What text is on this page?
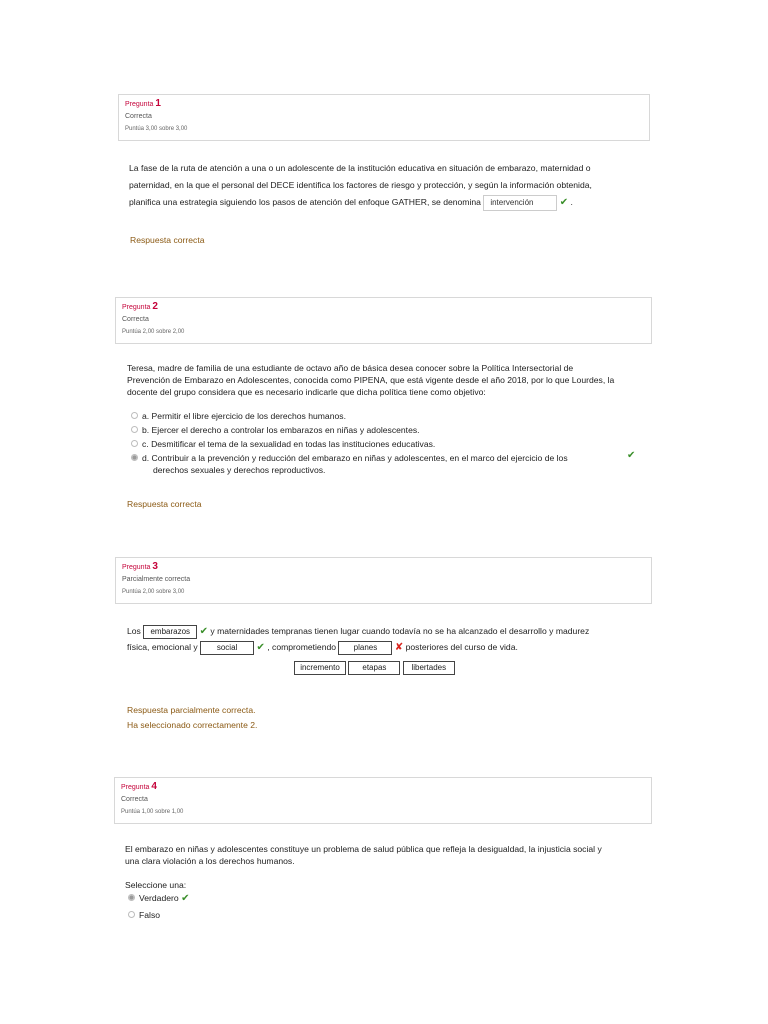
Pregunta 1
Correcta
Puntúa 3,00 sobre 3,00
La fase de la ruta de atención a una o un adolescente de la institución educativa en situación de embarazo, maternidad o
paternidad, en la que el personal del DECE identifica los factores de riesgo y protección, y según la información obtenida,
planifica una estrategia siguiendo los pasos de atención del enfoque GATHER, se denomina intervención	✔ .
Respuesta correcta
Pregunta 2
Correcta
Puntúa 2,00 sobre 2,00
Teresa, madre de familia de una estudiante de octavo año de básica desea conocer sobre la Política Intersectorial de
Prevención de Embarazo en Adolescentes, conocida como PIPENA, que está vigente desde el año 2018, por lo que Lourdes, la
docente del grupo considera que es necesario indicarle que dicha política tiene como objetivo:
a. Permitir el libre ejercicio de los derechos humanos.
b. Ejercer el derecho a controlar los embarazos en niñas y adolescentes.
c. Desmitificar el tema de la sexualidad en todas las instituciones educativas.
d. Contribuir a la prevención y reducción del embarazo en niñas y adolescentes, en el marco del ejercicio de los
derechos sexuales y derechos reproductivos.
✔
Respuesta correcta
Pregunta 3
Parcialmente correcta
Puntúa 2,00 sobre 3,00
Los embarazos ✔ y maternidades tempranas tienen lugar cuando todavía no se ha alcanzado el desarrollo y madurez
física, emocional y social ✔ , comprometiendo planes ✘ posteriores del curso de vida.
incremento	etapas	libertades
Respuesta parcialmente correcta.
Ha seleccionado correctamente 2.
Pregunta 4
Correcta
Puntúa 1,00 sobre 1,00
El embarazo en niñas y adolescentes constituye un problema de salud pública que refleja la desigualdad, la injusticia social y
una clara violación a los derechos humanos.
Seleccione una:
Verdadero ✔
Falso
